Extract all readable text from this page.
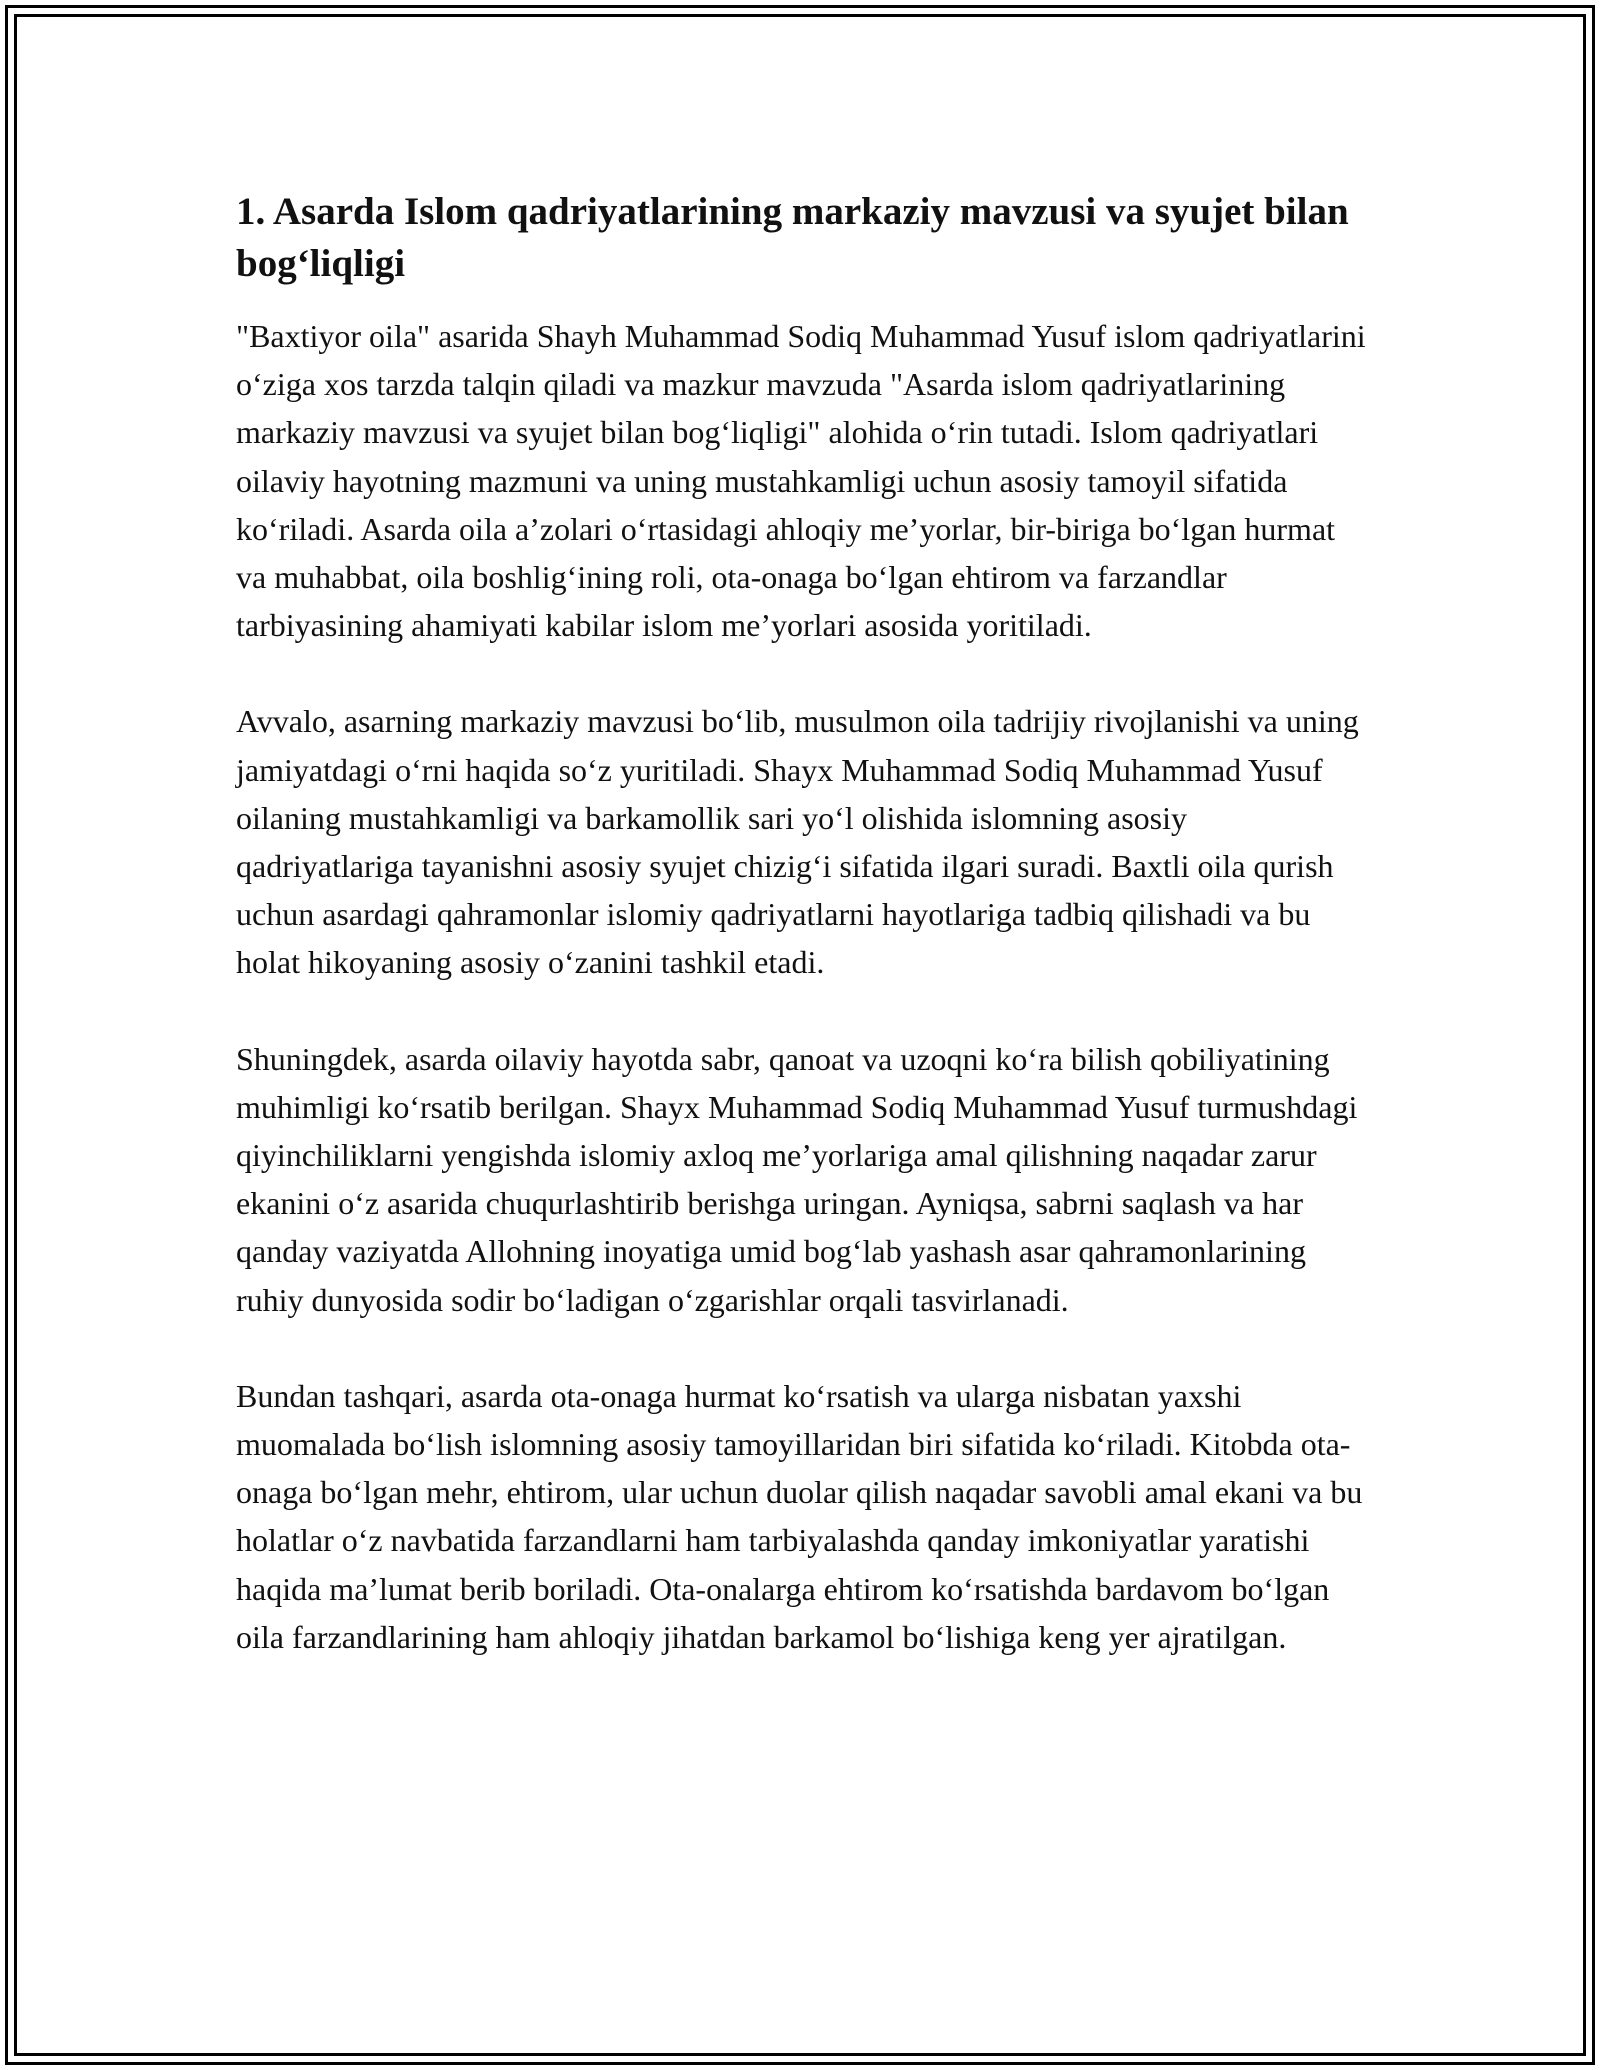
1. Asarda Islom qadriyatlarining markaziy mavzusi va syujet bilan bog‘liqligi

"Baxtiyor oila" asarida Shayh Muhammad Sodiq Muhammad Yusuf islom qadriyatlarini o‘ziga xos tarzda talqin qiladi va mazkur mavzuda "Asarda islom qadriyatlarining markaziy mavzusi va syujet bilan bog‘liqligi" alohida o‘rin tutadi. Islom qadriyatlari oilaviy hayotning mazmuni va uning mustahkamligi uchun asosiy tamoyil sifatida ko‘riladi. Asarda oila a’zolari o‘rtasidagi ahloqiy me’yorlar, bir-biriga bo‘lgan hurmat va muhabbat, oila boshlig‘ining roli, ota-onaga bo‘lgan ehtirom va farzandlar tarbiyasining ahamiyati kabilar islom me’yorlari asosida yoritiladi.

Avvalo, asarning markaziy mavzusi bo‘lib, musulmon oila tadrijiy rivojlanishi va uning jamiyatdagi o‘rni haqida so‘z yuritiladi. Shayx Muhammad Sodiq Muhammad Yusuf oilaning mustahkamligi va barkamollik sari yo‘l olishida islomning asosiy qadriyatlariga tayanishni asosiy syujet chizig‘i sifatida ilgari suradi. Baxtli oila qurish uchun asardagi qahramonlar islomiy qadriyatlarni hayotlariga tadbiq qilishadi va bu holat hikoyaning asosiy o‘zanini tashkil etadi.

Shuningdek, asarda oilaviy hayotda sabr, qanoat va uzoqni ko‘ra bilish qobiliyatining muhimligi ko‘rsatib berilgan. Shayx Muhammad Sodiq Muhammad Yusuf turmushdagi qiyinchiliklarni yengishda islomiy axloq me’yorlariga amal qilishning naqadar zarur ekanini o‘z asarida chuqurlashtirib berishga uringan. Ayniqsa, sabrni saqlash va har qanday vaziyatda Allohning inoyatiga umid bog‘lab yashash asar qahramonlarining ruhiy dunyosida sodir bo‘ladigan o‘zgarishlar orqali tasvirlanadi.

Bundan tashqari, asarda ota-onaga hurmat ko‘rsatish va ularga nisbatan yaxshi muomalada bo‘lish islomning asosiy tamoyillaridan biri sifatida ko‘riladi. Kitobda ota-onaga bo‘lgan mehr, ehtirom, ular uchun duolar qilish naqadar savobli amal ekani va bu holatlar o‘z navbatida farzandlarni ham tarbiyalashda qanday imkoniyatlar yaratishi haqida ma’lumat berib boriladi. Ota-onalarga ehtirom ko‘rsatishda bardavom bo‘lgan oila farzandlarining ham ahloqiy jihatdan barkamol bo‘lishiga keng yer ajratilgan.
